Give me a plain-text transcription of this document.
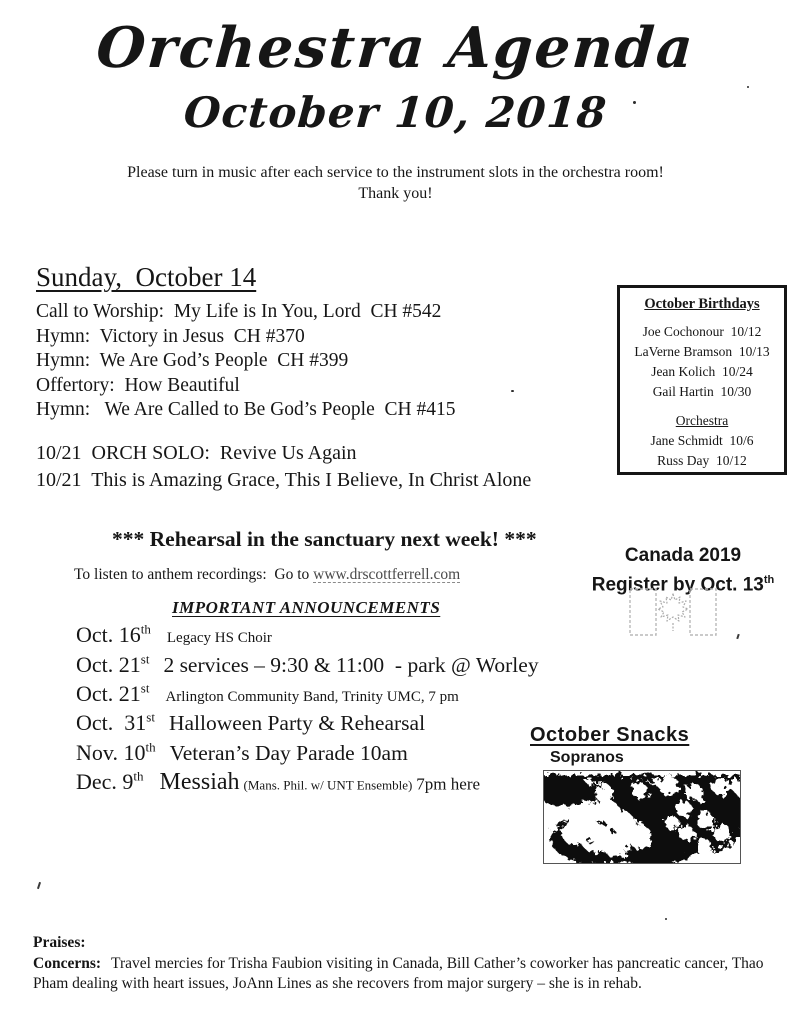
Orchestra Agenda
October 10, 2018

Please turn in music after each service to the instrument slots in the orchestra room!
Thank you!

Sunday,  October 14
Call to Worship:  My Life is In You, Lord  CH #542
Hymn:  Victory in Jesus  CH #370
Hymn:  We Are God’s People  CH #399
Offertory:  How Beautiful
Hymn:   We Are Called to Be God’s People  CH #415
10/21  ORCH SOLO:  Revive Us Again
10/21  This is Amazing Grace, This I Believe, In Christ Alone
October Birthdays
Joe Cochonour  10/12
LaVerne Bramson  10/13
Jean Kolich  10/24
Gail Hartin  10/30
Orchestra
Jane Schmidt  10/6
Russ Day  10/12
*** Rehearsal in the sanctuary next week! ***
To listen to anthem recordings:  Go to www.drscottferrell.com
Canada 2019
Register by Oct. 13th
IMPORTANT ANNOUNCEMENTS
Oct. 16th Legacy HS Choir
Oct. 21st 2 services – 9:30 & 11:00  - park @ Worley
Oct. 21st Arlington Community Band, Trinity UMC, 7 pm
Oct.  31st Halloween Party & Rehearsal
Nov. 10th Veteran’s Day Parade 10am
Dec. 9th Messiah (Mans. Phil. w/ UNT Ensemble) 7pm here
October Snacks
Sopranos
Praises:
Concerns: Travel mercies for Trisha Faubion visiting in Canada, Bill Cather’s coworker has pancreatic cancer, Thao Pham dealing with heart issues, JoAnn Lines as she recovers from major surgery – she is in rehab.
